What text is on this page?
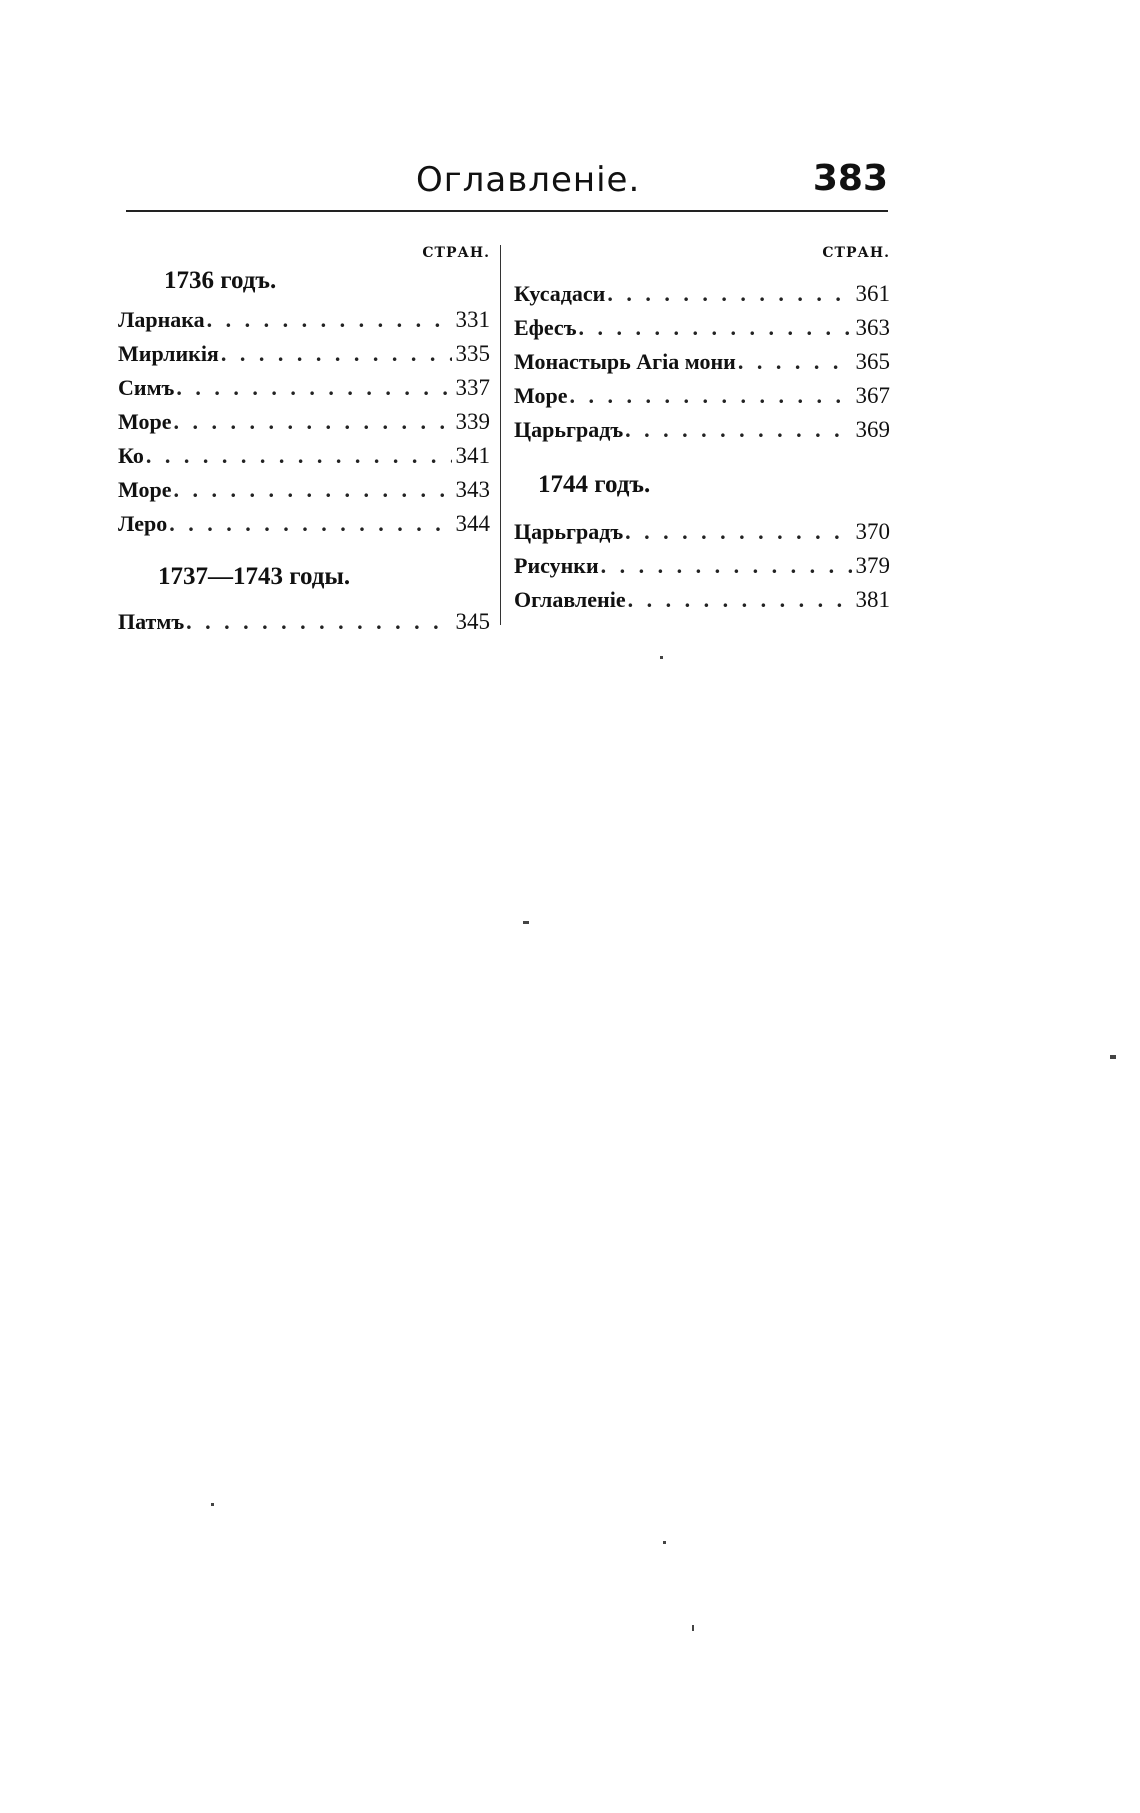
Оглавленіе.	383
СТРАН.
1736 годъ.
Ларнака . . .	331
Мирликія . . .	335
Симъ . . .	337
Море . . .	339
Ко . . .	341
Море . . .	343
Леро . . .	344
1737—1743 годы.
Патмъ . . .	345
СТРАН.
Кусадаси . . .	361
Ефесъ . . .	363
Монастырь Агіа мони . . .	365
Море . . .	367
Царьградъ . . .	369
1744 годъ.
Царьградъ . . .	370
Рисунки . . .	379
Оглавленіе . . .	381
